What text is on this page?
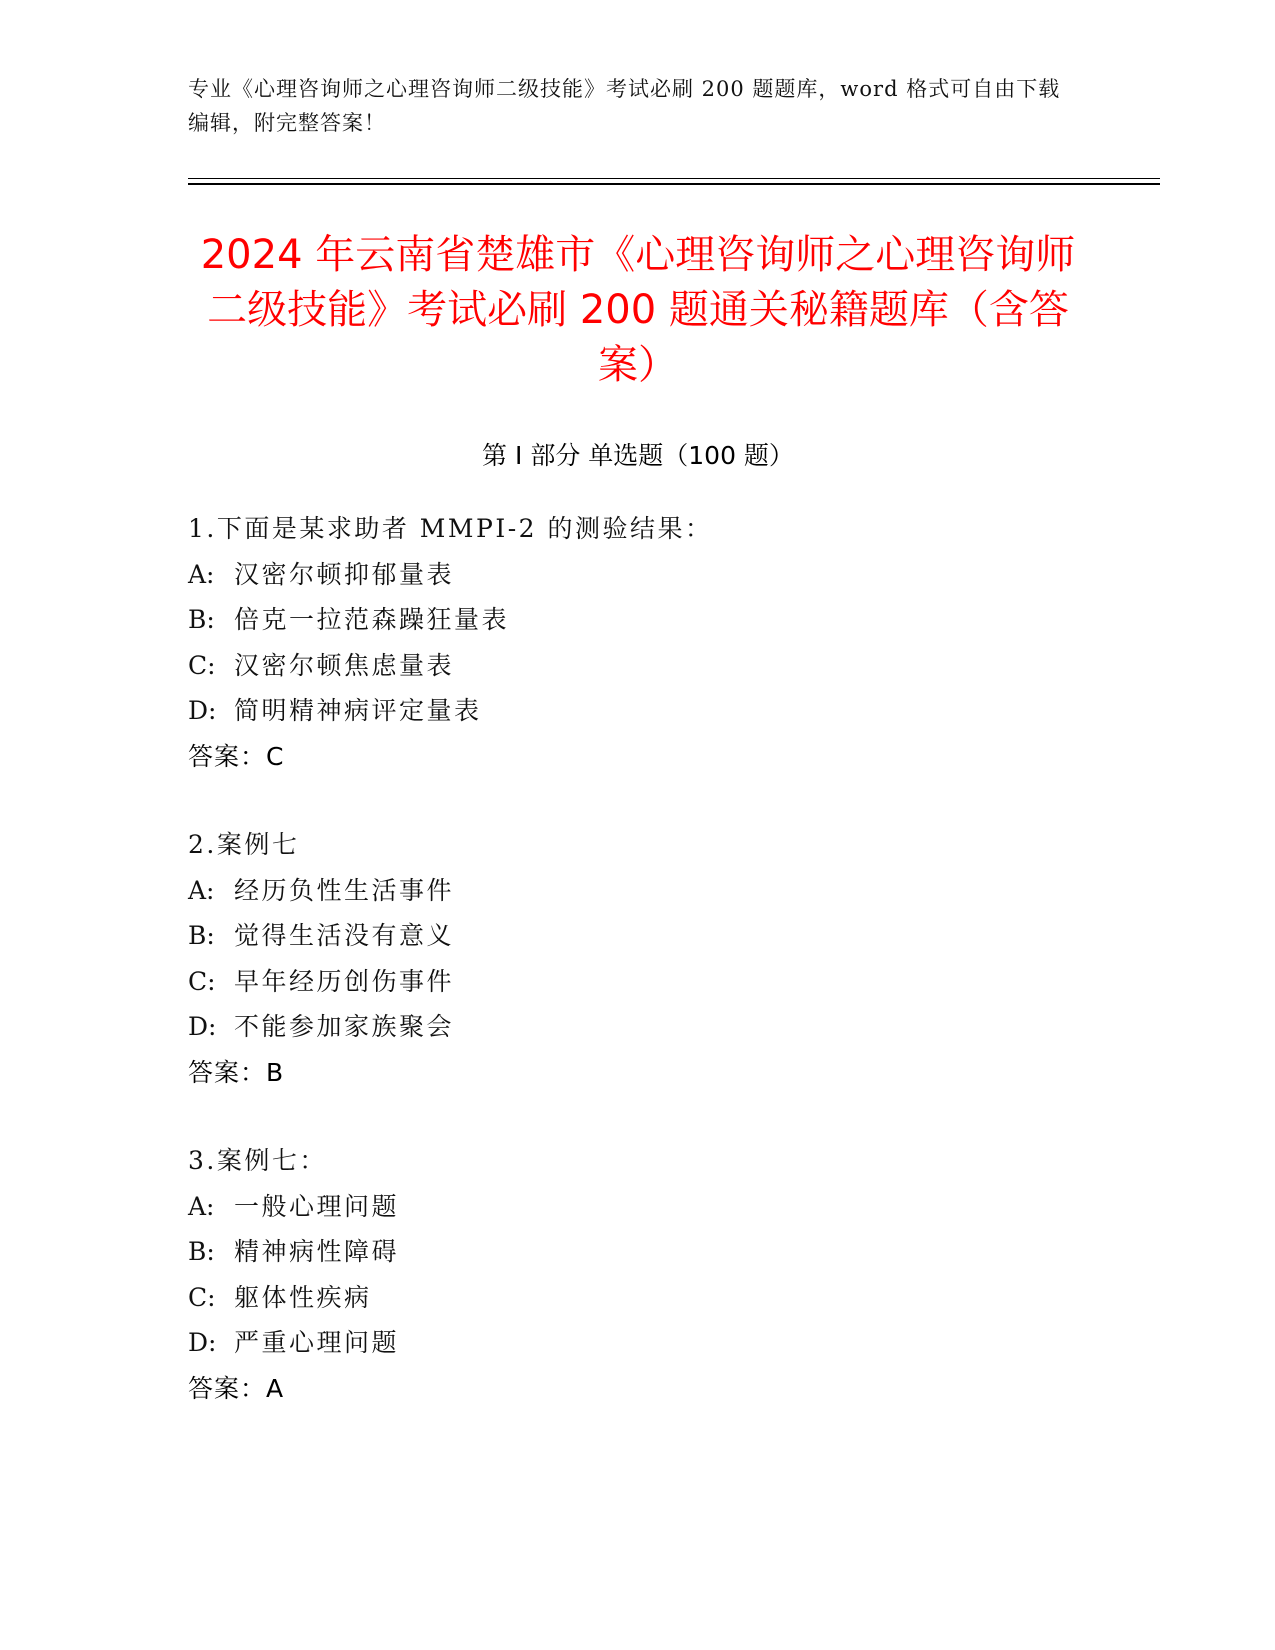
专业《心理咨询师之心理咨询师二级技能》考试必刷 200 题题库，word 格式可自由下载编辑，附完整答案！

2024 年云南省楚雄市《心理咨询师之心理咨询师二级技能》考试必刷 200 题通关秘籍题库（含答案）
第 I 部分 单选题（100 题）

1.下面是某求助者 MMPI-2 的测验结果：

A: 汉密尔顿抑郁量表

B: 倍克一拉范森躁狂量表

C: 汉密尔顿焦虑量表

D: 简明精神病评定量表

答案：C

2.案例七

A: 经历负性生活事件

B: 觉得生活没有意义

C: 早年经历创伤事件

D: 不能参加家族聚会

答案：B

3.案例七：

A: 一般心理问题

B: 精神病性障碍

C: 躯体性疾病

D: 严重心理问题

答案：A
